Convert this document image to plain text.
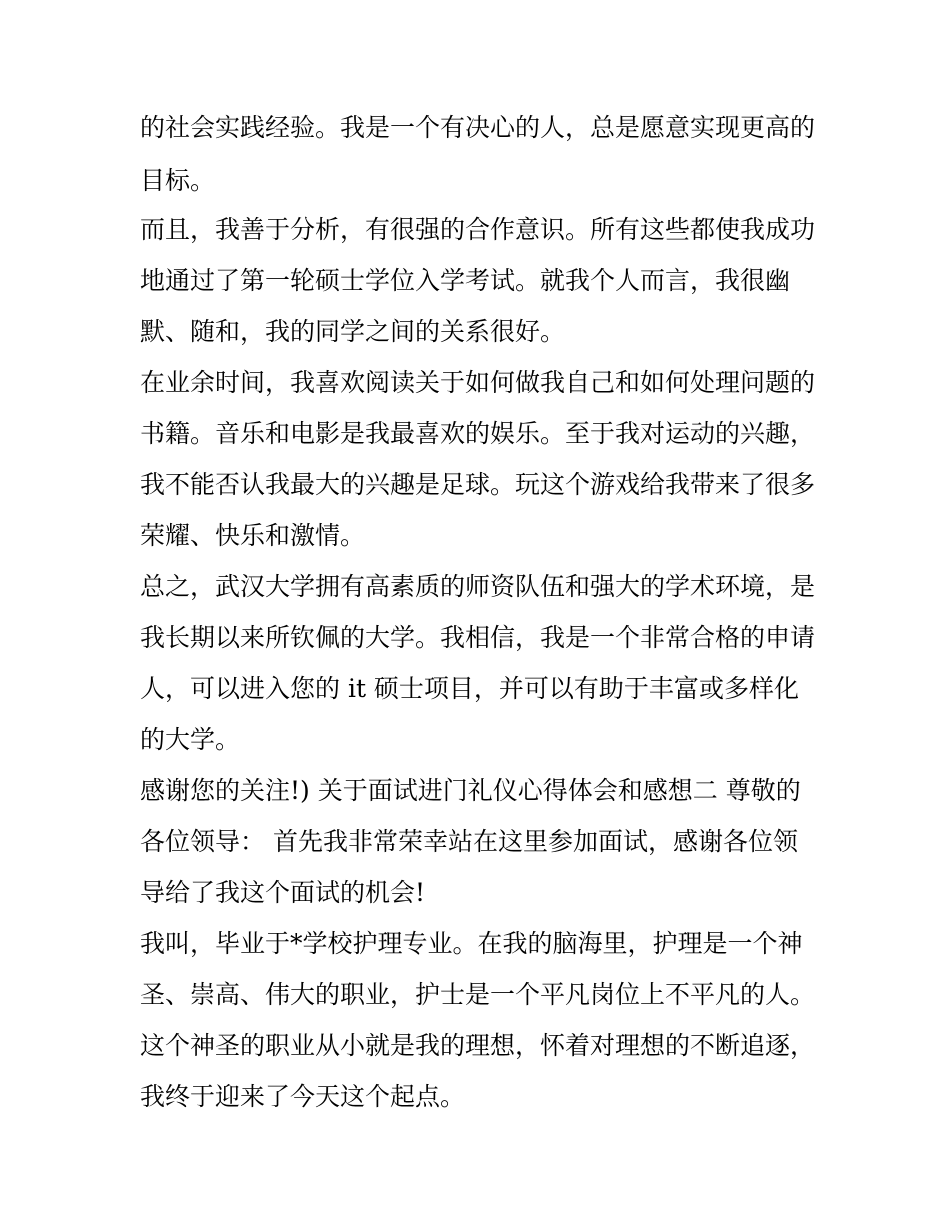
的社会实践经验。我是一个有决心的人，总是愿意实现更高的

目标。

而且，我善于分析，有很强的合作意识。所有这些都使我成功

地通过了第一轮硕士学位入学考试。就我个人而言，我很幽

默、随和，我的同学之间的关系很好。

在业余时间，我喜欢阅读关于如何做我自己和如何处理问题的

书籍。音乐和电影是我最喜欢的娱乐。至于我对运动的兴趣，

我不能否认我最大的兴趣是足球。玩这个游戏给我带来了很多

荣耀、快乐和激情。

总之，武汉大学拥有高素质的师资队伍和强大的学术环境，是

我长期以来所钦佩的大学。我相信，我是一个非常合格的申请

人，可以进入您的 it 硕士项目，并可以有助于丰富或多样化

的大学。

感谢您的关注!) 关于面试进门礼仪心得体会和感想二 尊敬的

各位领导： 首先我非常荣幸站在这里参加面试，感谢各位领

导给了我这个面试的机会!

我叫，毕业于*学校护理专业。在我的脑海里，护理是一个神

圣、崇高、伟大的职业，护士是一个平凡岗位上不平凡的人。

这个神圣的职业从小就是我的理想，怀着对理想的不断追逐，

我终于迎来了今天这个起点。
